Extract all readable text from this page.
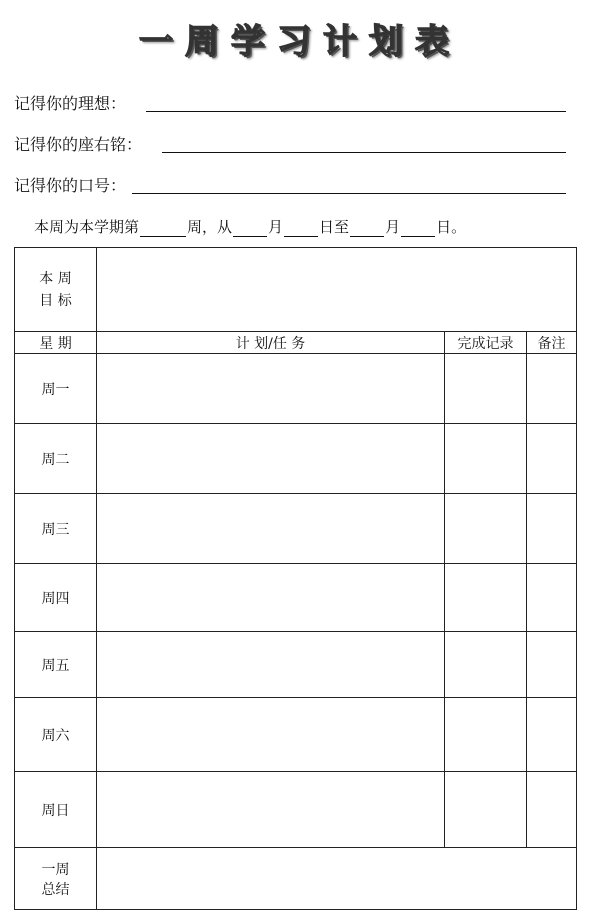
一周学习计划表
记得你的理想：
记得你的座右铭：
记得你的口号：
本周为本学期第	周，从 月 日至 月 日。
本 周
目 标			

星 期	计 划/任 务	完成记录	备注
周一			
周二			
周三			
周四			
周五			
周六			
周日			

一周
总结			
